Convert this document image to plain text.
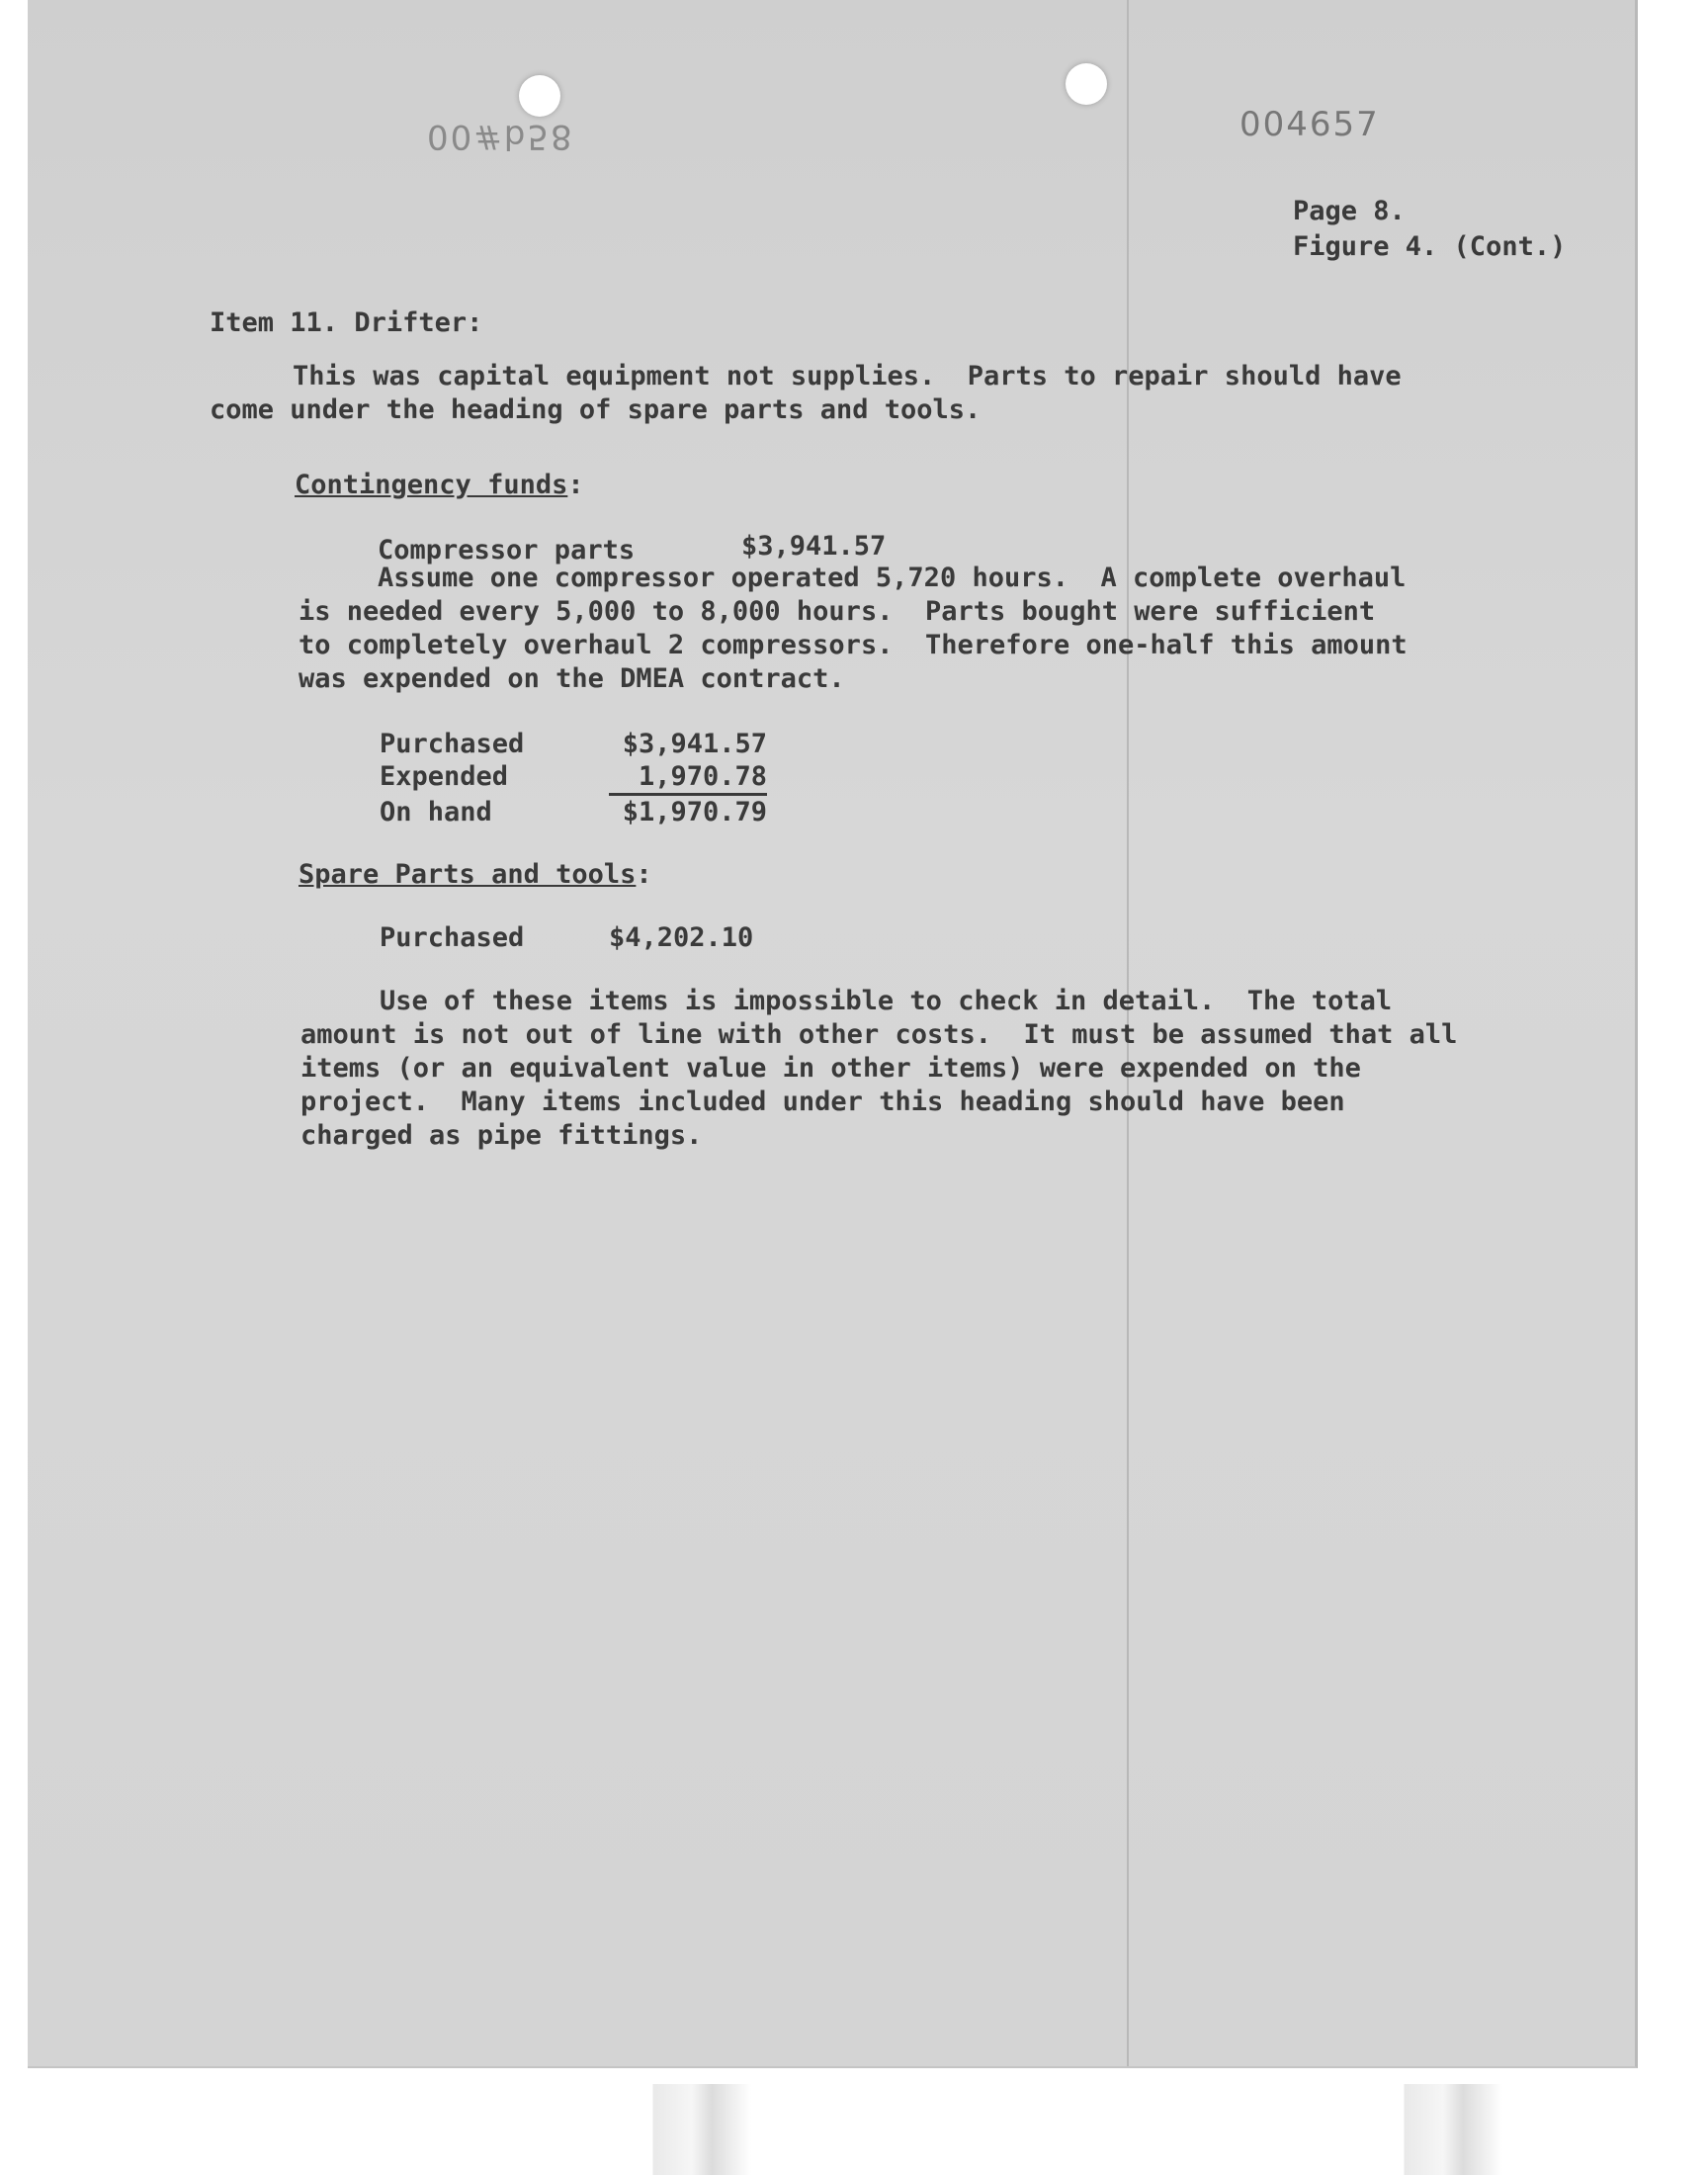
00#b58	004657
Page 8.
Figure 4. (Cont.)
Item 11. Drifter:
This was capital equipment not supplies.  Parts to repair should have
come under the heading of spare parts and tools.
Contingency funds:
Compressor parts	$3,941.57
Assume one compressor operated 5,720 hours.  A complete overhaul
is needed every 5,000 to 8,000 hours.  Parts bought were sufficient
to completely overhaul 2 compressors.  Therefore one-half this amount
was expended on the DMEA contract.
Purchased	$3,941.57
Expended	1,970.78
On hand	$1,970.79
Spare Parts and tools:
Purchased	$4,202.10
Use of these items is impossible to check in detail.  The total
amount is not out of line with other costs.  It must be assumed that all
items (or an equivalent value in other items) were expended on the
project.  Many items included under this heading should have been
charged as pipe fittings.
